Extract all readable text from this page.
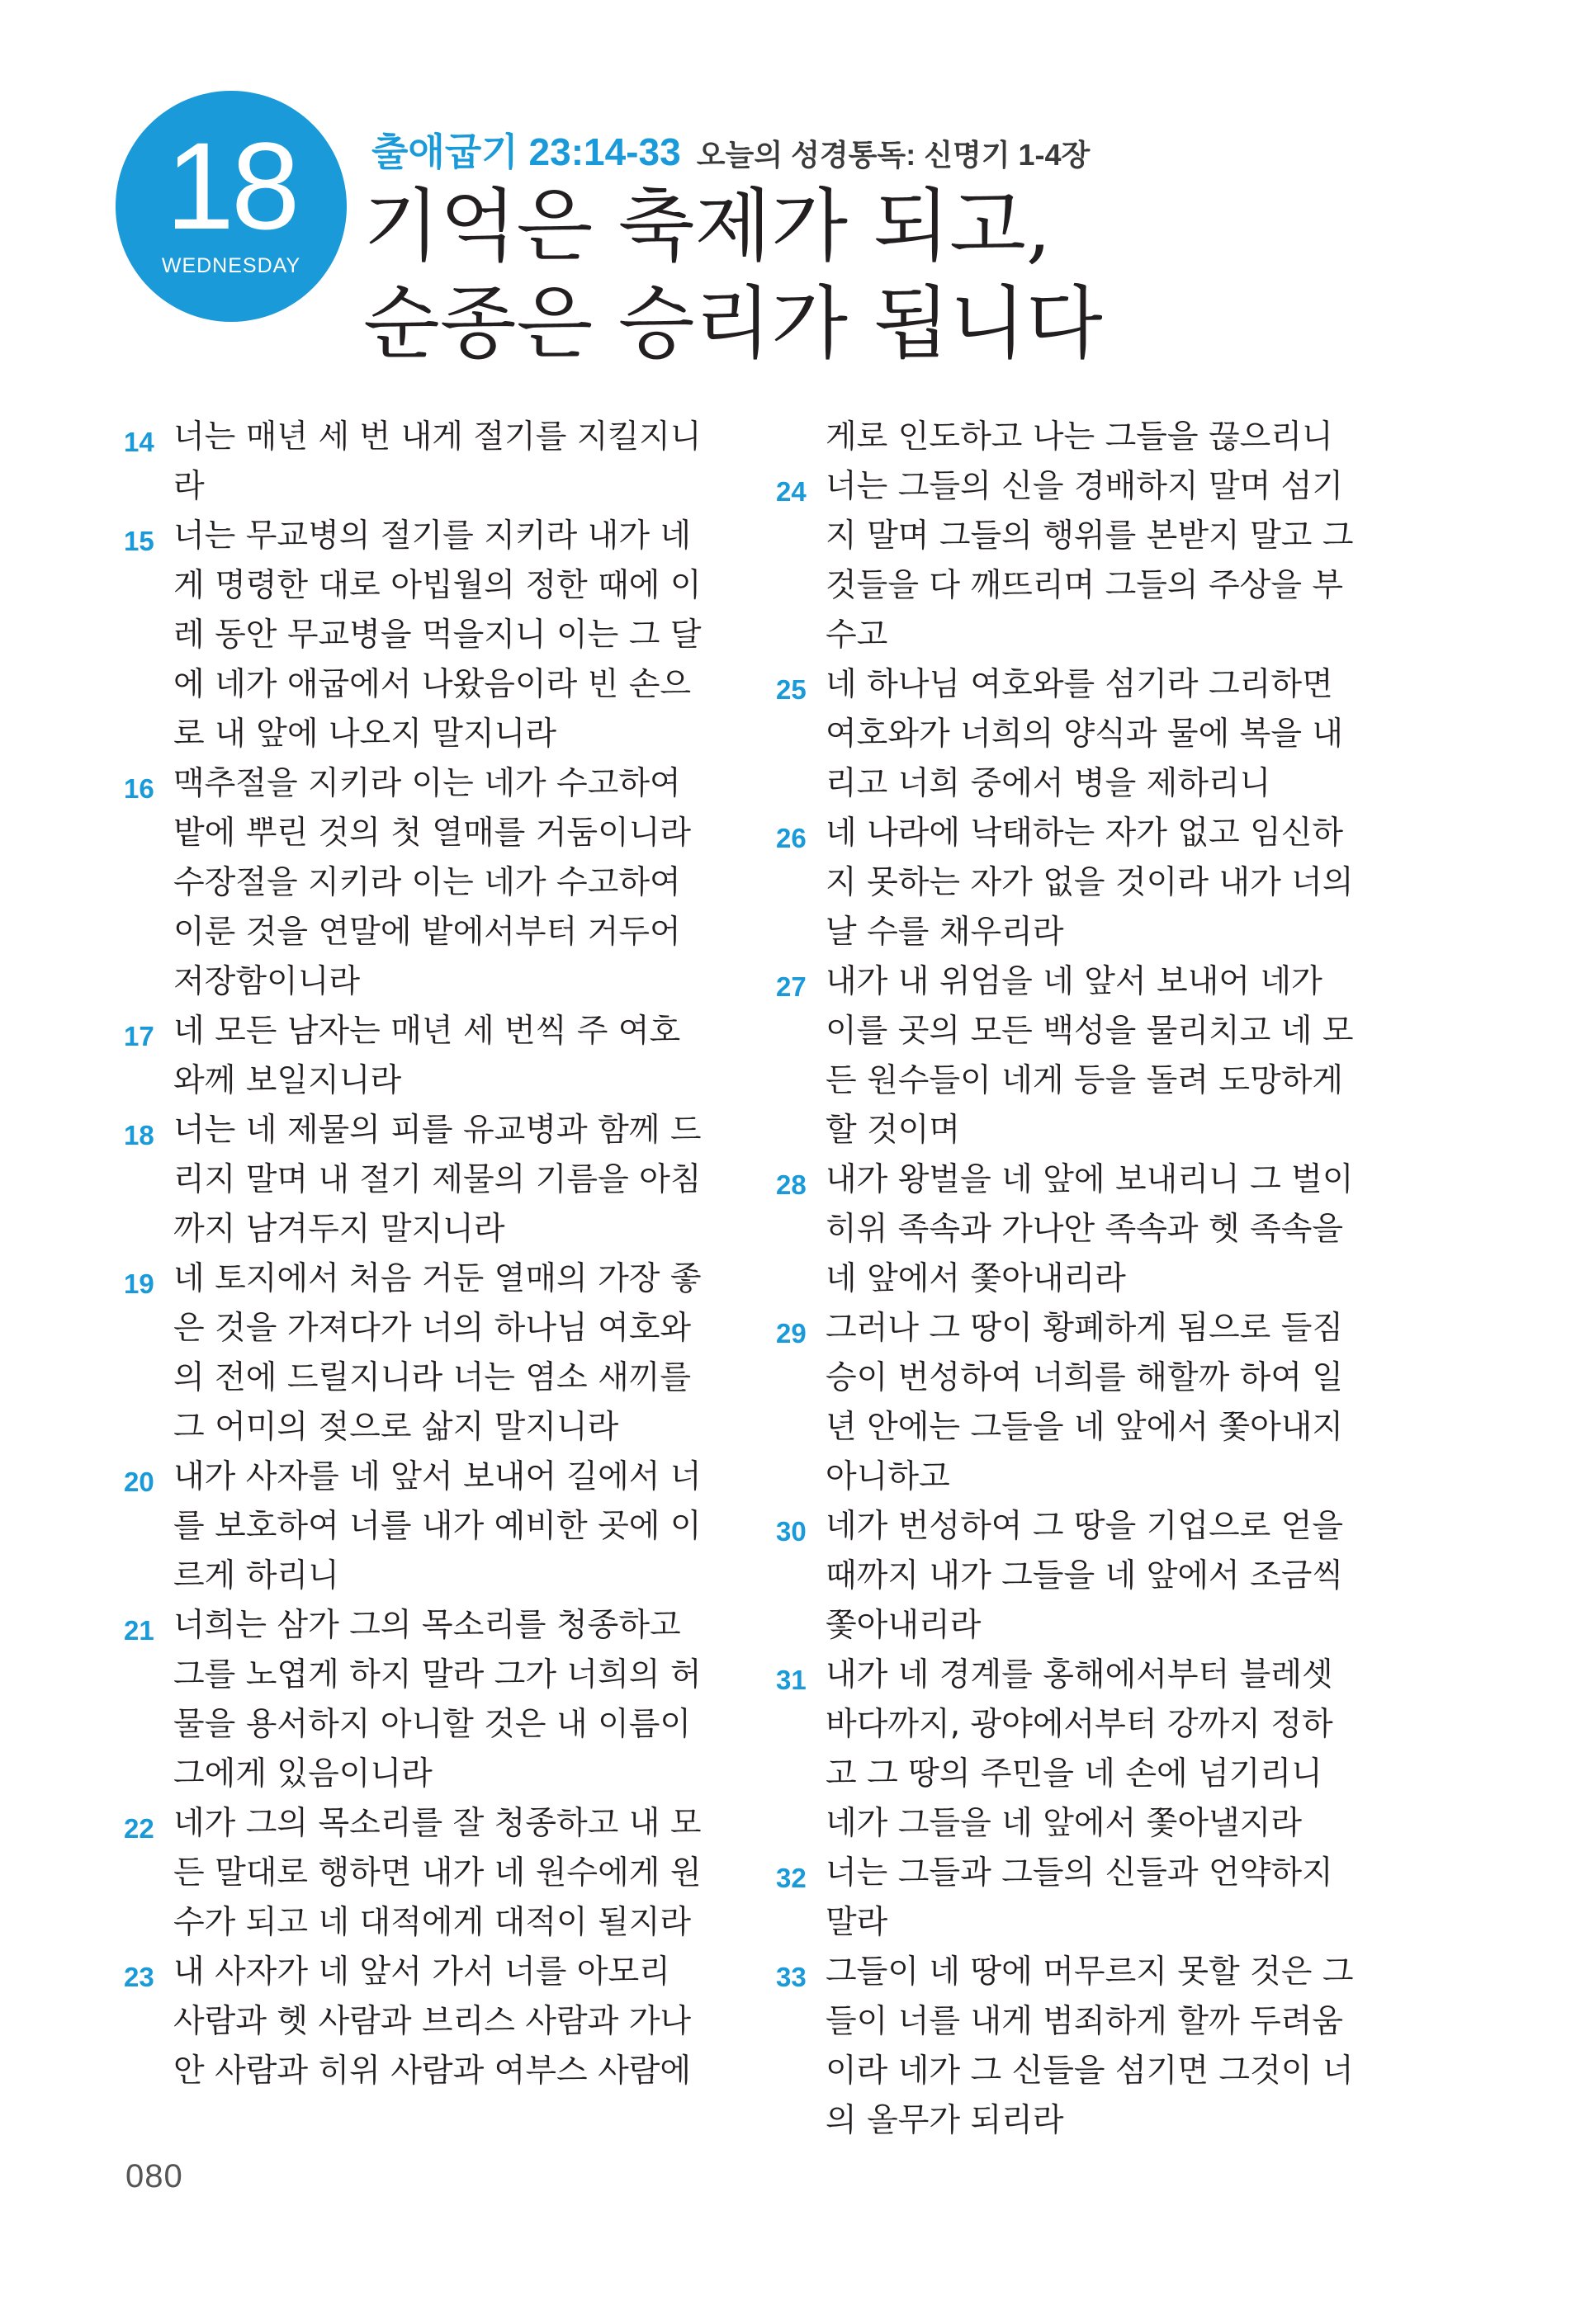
18
WEDNESDAY
출애굽기 23:14-33 오늘의 성경통독: 신명기 1-4장
기억은 축제가 되고,
순종은 승리가 됩니다
14 너는 매년 세 번 내게 절기를 지킬지니
라
15 너는 무교병의 절기를 지키라 내가 네
게 명령한 대로 아빕월의 정한 때에 이
레 동안 무교병을 먹을지니 이는 그 달
에 네가 애굽에서 나왔음이라 빈 손으
로 내 앞에 나오지 말지니라
16 맥추절을 지키라 이는 네가 수고하여
밭에 뿌린 것의 첫 열매를 거둠이니라
수장절을 지키라 이는 네가 수고하여
이룬 것을 연말에 밭에서부터 거두어
저장함이니라
17 네 모든 남자는 매년 세 번씩 주 여호
와께 보일지니라
18 너는 네 제물의 피를 유교병과 함께 드
리지 말며 내 절기 제물의 기름을 아침
까지 남겨두지 말지니라
19 네 토지에서 처음 거둔 열매의 가장 좋
은 것을 가져다가 너의 하나님 여호와
의 전에 드릴지니라 너는 염소 새끼를
그 어미의 젖으로 삶지 말지니라
20 내가 사자를 네 앞서 보내어 길에서 너
를 보호하여 너를 내가 예비한 곳에 이
르게 하리니
21 너희는 삼가 그의 목소리를 청종하고
그를 노엽게 하지 말라 그가 너희의 허
물을 용서하지 아니할 것은 내 이름이
그에게 있음이니라
22 네가 그의 목소리를 잘 청종하고 내 모
든 말대로 행하면 내가 네 원수에게 원
수가 되고 네 대적에게 대적이 될지라
23 내 사자가 네 앞서 가서 너를 아모리
사람과 헷 사람과 브리스 사람과 가나
안 사람과 히위 사람과 여부스 사람에
게로 인도하고 나는 그들을 끊으리니
24 너는 그들의 신을 경배하지 말며 섬기
지 말며 그들의 행위를 본받지 말고 그
것들을 다 깨뜨리며 그들의 주상을 부
수고
25 네 하나님 여호와를 섬기라 그리하면
여호와가 너희의 양식과 물에 복을 내
리고 너희 중에서 병을 제하리니
26 네 나라에 낙태하는 자가 없고 임신하
지 못하는 자가 없을 것이라 내가 너의
날 수를 채우리라
27 내가 내 위엄을 네 앞서 보내어 네가
이를 곳의 모든 백성을 물리치고 네 모
든 원수들이 네게 등을 돌려 도망하게
할 것이며
28 내가 왕벌을 네 앞에 보내리니 그 벌이
히위 족속과 가나안 족속과 헷 족속을
네 앞에서 쫓아내리라
29 그러나 그 땅이 황폐하게 됨으로 들짐
승이 번성하여 너희를 해할까 하여 일
년 안에는 그들을 네 앞에서 쫓아내지
아니하고
30 네가 번성하여 그 땅을 기업으로 얻을
때까지 내가 그들을 네 앞에서 조금씩
쫓아내리라
31 내가 네 경계를 홍해에서부터 블레셋
바다까지, 광야에서부터 강까지 정하
고 그 땅의 주민을 네 손에 넘기리니
네가 그들을 네 앞에서 쫓아낼지라
32 너는 그들과 그들의 신들과 언약하지
말라
33 그들이 네 땅에 머무르지 못할 것은 그
들이 너를 내게 범죄하게 할까 두려움
이라 네가 그 신들을 섬기면 그것이 너
의 올무가 되리라
080
